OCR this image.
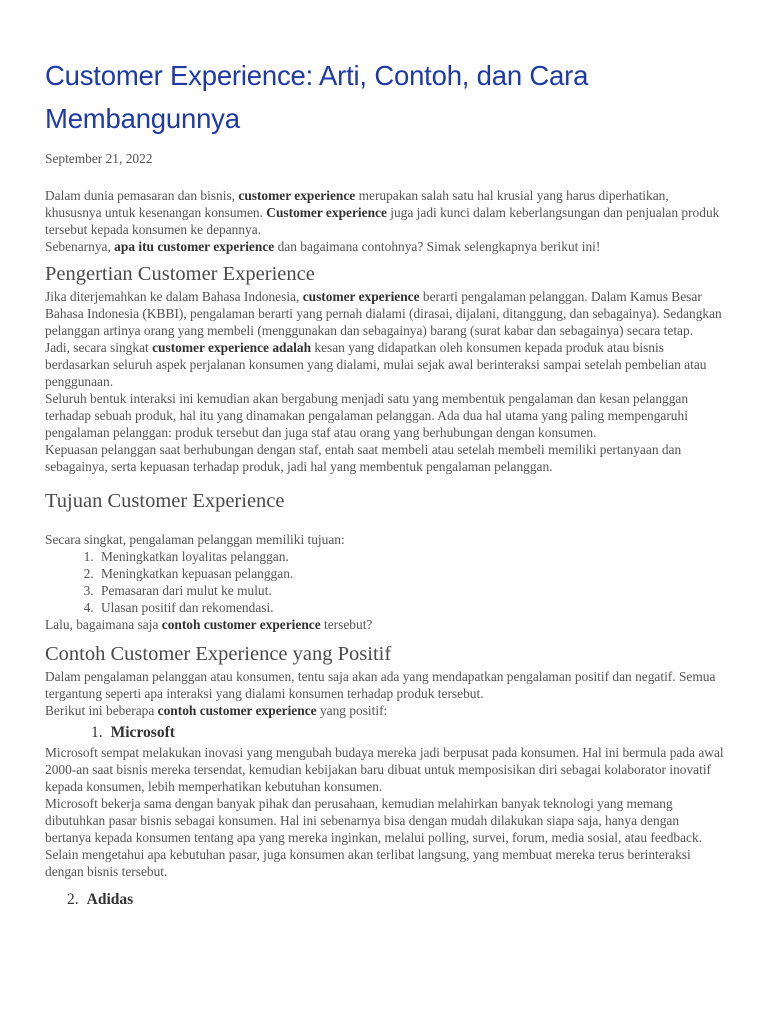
Customer Experience: Arti, Contoh, dan Cara Membangunnya
September 21, 2022

Dalam dunia pemasaran dan bisnis, customer experience merupakan salah satu hal krusial yang harus diperhatikan, khususnya untuk kesenangan konsumen. Customer experience juga jadi kunci dalam keberlangsungan dan penjualan produk tersebut kepada konsumen ke depannya.

Sebenarnya, apa itu customer experience dan bagaimana contohnya? Simak selengkapnya berikut ini!

Pengertian Customer Experience

Jika diterjemahkan ke dalam Bahasa Indonesia, customer experience berarti pengalaman pelanggan. Dalam Kamus Besar Bahasa Indonesia (KBBI), pengalaman berarti yang pernah dialami (dirasai, dijalani, ditanggung, dan sebagainya). Sedangkan pelanggan artinya orang yang membeli (menggunakan dan sebagainya) barang (surat kabar dan sebagainya) secara tetap.

Jadi, secara singkat customer experience adalah kesan yang didapatkan oleh konsumen kepada produk atau bisnis berdasarkan seluruh aspek perjalanan konsumen yang dialami, mulai sejak awal berinteraksi sampai setelah pembelian atau penggunaan.

Seluruh bentuk interaksi ini kemudian akan bergabung menjadi satu yang membentuk pengalaman dan kesan pelanggan terhadap sebuah produk, hal itu yang dinamakan pengalaman pelanggan. Ada dua hal utama yang paling mempengaruhi pengalaman pelanggan: produk tersebut dan juga staf atau orang yang berhubungan dengan konsumen.

Kepuasan pelanggan saat berhubungan dengan staf, entah saat membeli atau setelah membeli memiliki pertanyaan dan sebagainya, serta kepuasan terhadap produk, jadi hal yang membentuk pengalaman pelanggan.

Tujuan Customer Experience

Secara singkat, pengalaman pelanggan memiliki tujuan:

1. Meningkatkan loyalitas pelanggan.
2. Meningkatkan kepuasan pelanggan.
3. Pemasaran dari mulut ke mulut.
4. Ulasan positif dan rekomendasi.

Lalu, bagaimana saja contoh customer experience tersebut?

Contoh Customer Experience yang Positif

Dalam pengalaman pelanggan atau konsumen, tentu saja akan ada yang mendapatkan pengalaman positif dan negatif. Semua tergantung seperti apa interaksi yang dialami konsumen terhadap produk tersebut.

Berikut ini beberapa contoh customer experience yang positif:

1. Microsoft

Microsoft sempat melakukan inovasi yang mengubah budaya mereka jadi berpusat pada konsumen. Hal ini bermula pada awal 2000-an saat bisnis mereka tersendat, kemudian kebijakan baru dibuat untuk memposisikan diri sebagai kolaborator inovatif kepada konsumen, lebih memperhatikan kebutuhan konsumen.

Microsoft bekerja sama dengan banyak pihak dan perusahaan, kemudian melahirkan banyak teknologi yang memang dibutuhkan pasar bisnis sebagai konsumen. Hal ini sebenarnya bisa dengan mudah dilakukan siapa saja, hanya dengan bertanya kepada konsumen tentang apa yang mereka inginkan, melalui polling, survei, forum, media sosial, atau feedback.

Selain mengetahui apa kebutuhan pasar, juga konsumen akan terlibat langsung, yang membuat mereka terus berinteraksi dengan bisnis tersebut.

2. Adidas
